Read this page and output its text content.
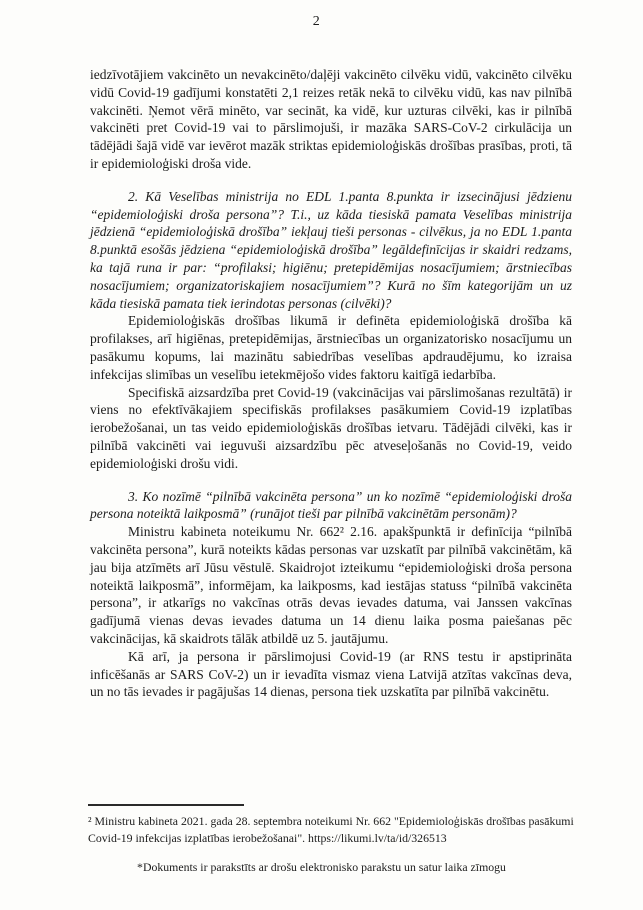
2

iedzīvotājiem vakcinēto un nevakcinēto/daļēji vakcinēto cilvēku vidū, vakcinēto cilvēku vidū Covid-19 gadījumi konstatēti 2,1 reizes retāk nekā to cilvēku vidū, kas nav pilnībā vakcinēti. Ņemot vērā minēto, var secināt, ka vidē, kur uzturas cilvēki, kas ir pilnībā vakcinēti pret Covid-19 vai to pārslimojuši, ir mazāka SARS-CoV-2 cirkulācija un tādējādi šajā vidē var ievērot mazāk striktas epidemioloģiskās drošības prasības, proti, tā ir epidemioloģiski droša vide.

2. Kā Veselības ministrija no EDL 1.panta 8.punkta ir izsecinājusi jēdzienu “epidemioloģiski droša persona”? T.i., uz kāda tiesiskā pamata Veselības ministrija jēdzienā “epidemioloģiskā drošība” iekļauj tieši personas - cilvēkus, ja no EDL 1.panta 8.punktā esošās jēdziena “epidemioloģiskā drošība” legāldefinīcijas ir skaidri redzams, ka tajā runa ir par: “profilaksi; higiēnu; pretepidēmijas nosacījumiem; ārstniecības nosacījumiem; organizatoriskajiem nosacījumiem”? Kurā no šīm kategorijām un uz kāda tiesiskā pamata tiek ierindotas personas (cilvēki)?

Epidemioloģiskās drošības likumā ir definēta epidemioloģiskā drošība kā profilakses, arī higiēnas, pretepidēmijas, ārstniecības un organizatorisko nosacījumu un pasākumu kopums, lai mazinātu sabiedrības veselības apdraudējumu, ko izraisa infekcijas slimības un veselību ietekmējošo vides faktoru kaitīgā iedarbība.

Specifiskā aizsardzība pret Covid-19 (vakcinācijas vai pārslimošanas rezultātā) ir viens no efektīvākajiem specifiskās profilakses pasākumiem Covid-19 izplatības ierobežošanai, un tas veido epidemioloģiskās drošības ietvaru. Tādējādi cilvēki, kas ir pilnībā vakcinēti vai ieguvuši aizsardzību pēc atveseļošanās no Covid-19, veido epidemioloģiski drošu vidi.

3. Ko nozīmē “pilnībā vakcinēta persona” un ko nozīmē “epidemioloģiski droša persona noteiktā laikposmā” (runājot tieši par pilnībā vakcinētām personām)?

Ministru kabineta noteikumu Nr. 662² 2.16. apakšpunktā ir definīcija “pilnībā vakcinēta persona”, kurā noteikts kādas personas var uzskatīt par pilnībā vakcinētām, kā jau bija atzīmēts arī Jūsu vēstulē. Skaidrojot izteikumu “epidemioloģiski droša persona noteiktā laikposmā”, informējam, ka laikposms, kad iestājas statuss “pilnībā vakcinēta persona”, ir atkarīgs no vakcīnas otrās devas ievades datuma, vai Janssen vakcīnas gadījumā vienas devas ievades datuma un 14 dienu laika posma paiešanas pēc vakcinācijas, kā skaidrots tālāk atbildē uz 5. jautājumu.

Kā arī, ja persona ir pārslimojusi Covid-19 (ar RNS testu ir apstiprināta inficēšanās ar SARS CoV-2) un ir ievadīta vismaz viena Latvijā atzītas vakcīnas deva, un no tās ievades ir pagājušas 14 dienas, persona tiek uzskatīta par pilnībā vakcinētu.

² Ministru kabineta 2021. gada 28. septembra noteikumi Nr. 662 "Epidemioloģiskās drošības pasākumi Covid-19 infekcijas izplatības ierobežošanai". https://likumi.lv/ta/id/326513

*Dokuments ir parakstīts ar drošu elektronisko parakstu un satur laika zīmogu
